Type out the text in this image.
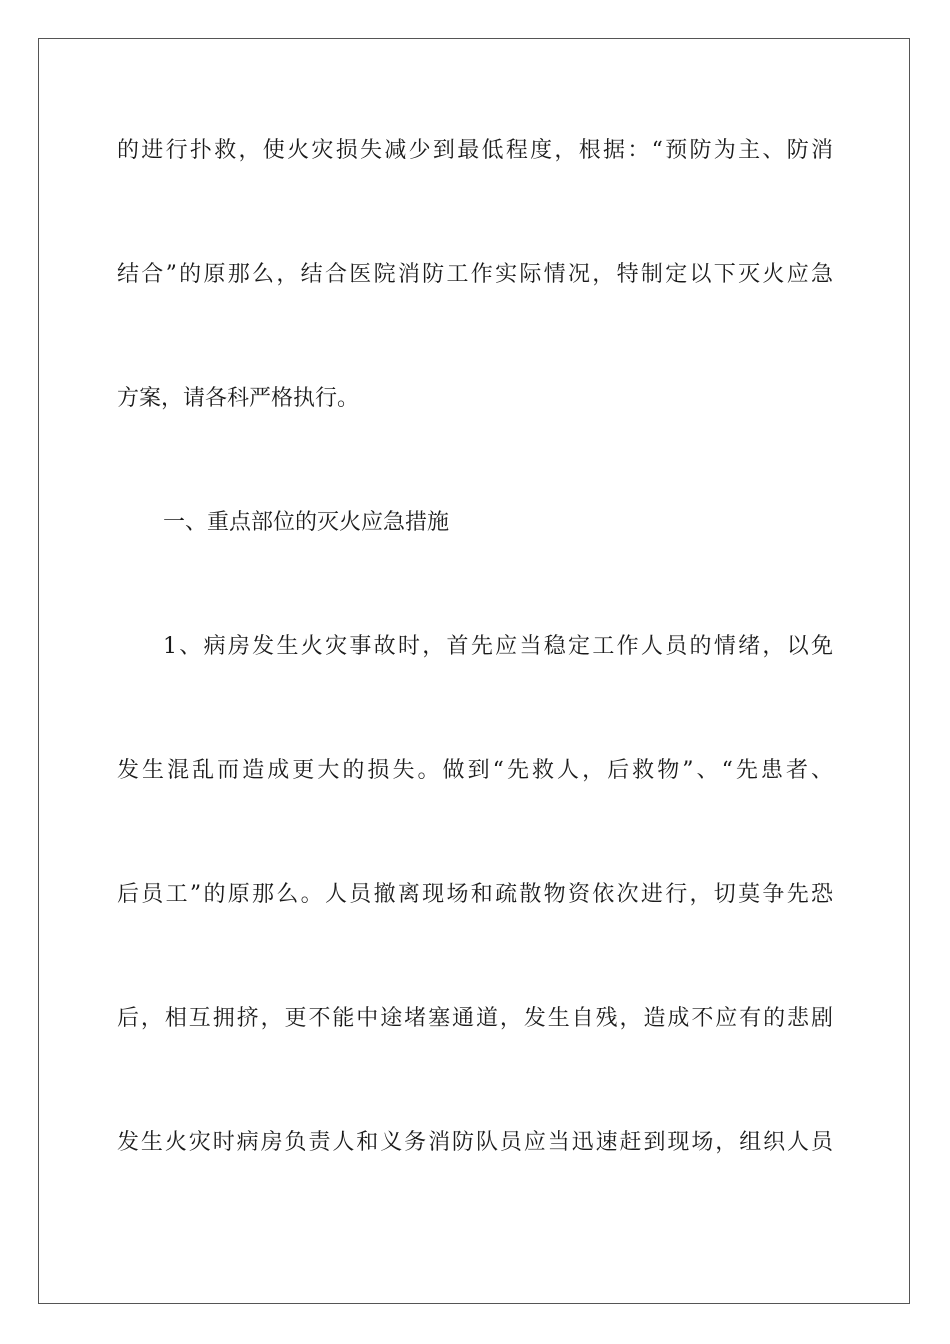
的进行扑救，使火灾损失减少到最低程度，根据：“预防为主、防消
结合”的原那么，结合医院消防工作实际情况，特制定以下灭火应急
方案，请各科严格执行。
一、重点部位的灭火应急措施
1、病房发生火灾事故时，首先应当稳定工作人员的情绪，以免
发生混乱而造成更大的损失。做到“先救人，后救物”、“先患者、
后员工”的原那么。人员撤离现场和疏散物资依次进行，切莫争先恐
后，相互拥挤，更不能中途堵塞通道，发生自残，造成不应有的悲剧
发生火灾时病房负责人和义务消防队员应当迅速赶到现场，组织人员
